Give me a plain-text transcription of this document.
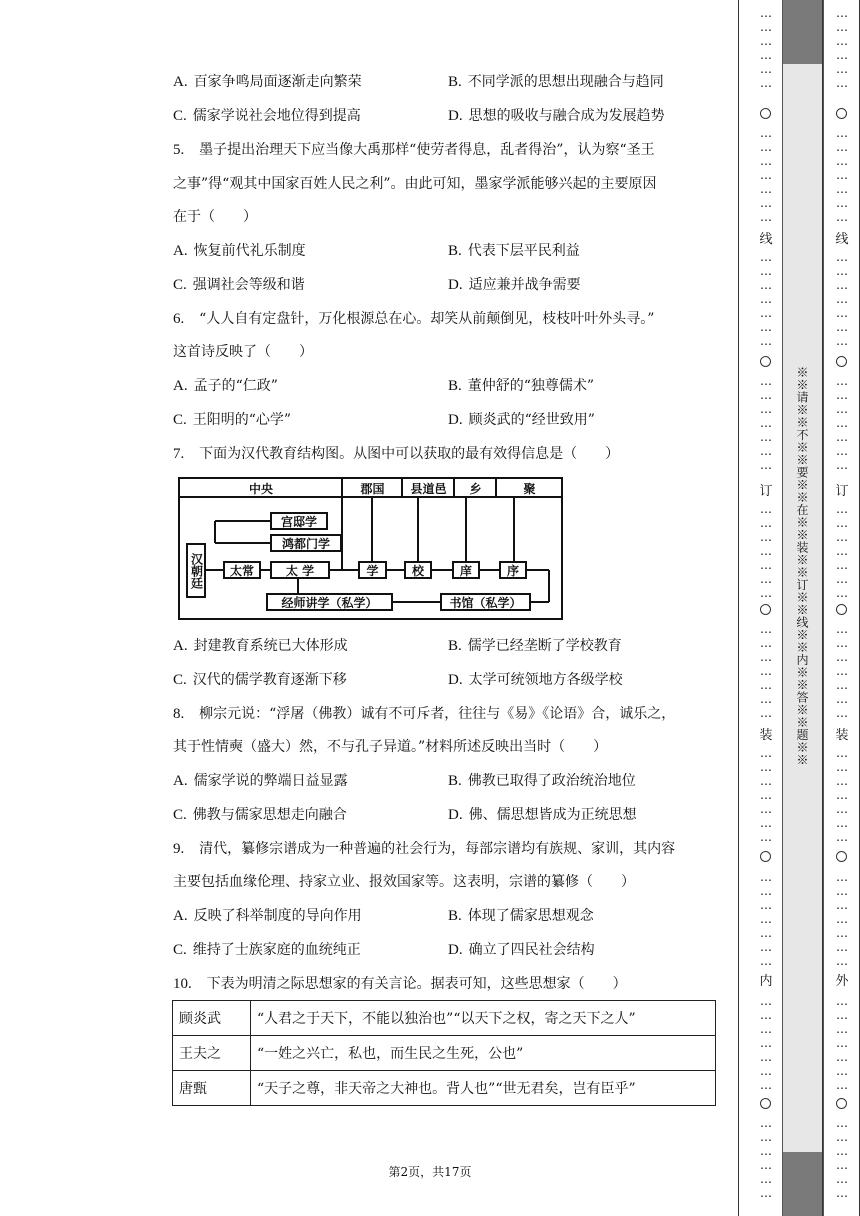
A. 百家争鸣局面逐渐走向繁荣	B. 不同学派的思想出现融合与趋同
C. 儒家学说社会地位得到提高	D. 思想的吸收与融合成为发展趋势
5. 墨子提出治理天下应当像大禹那样“使劳者得息，乱者得治”，认为察“圣王
之事”得“观其中国家百姓人民之利”。由此可知，墨家学派能够兴起的主要原因
在于（　　）
A. 恢复前代礼乐制度	B. 代表下层平民利益
C. 强调社会等级和谐	D. 适应兼并战争需要
6. “人人自有定盘针，万化根源总在心。却笑从前颠倒见，枝枝叶叶外头寻。”
这首诗反映了（　　）
A. 孟子的“仁政”	B. 董仲舒的“独尊儒术”
C. 王阳明的“心学”	D. 顾炎武的“经世致用”
7. 下面为汉代教育结构图。从图中可以获取的最有效得信息是（　　）
中央	郡国	县道邑	乡	聚
汉朝廷	太常
宫邸学
鸿都门学
太 学	学	校	庠	序
经师讲学（私学）	书馆（私学）
A. 封建教育系统已大体形成	B. 儒学已经垄断了学校教育
C. 汉代的儒学教育逐渐下移	D. 太学可统领地方各级学校
8. 柳宗元说：“浮屠（佛教）诚有不可斥者，往往与《易》《论语》合，诚乐之，
其于性情奭（盛大）然，不与孔子异道。”材料所述反映出当时（　　）
A. 儒家学说的弊端日益显露	B. 佛教已取得了政治统治地位
C. 佛教与儒家思想走向融合	D. 佛、儒思想皆成为正统思想
9. 清代，纂修宗谱成为一种普遍的社会行为，每部宗谱均有族规、家训，其内容
主要包括血缘伦理、持家立业、报效国家等。这表明，宗谱的纂修（　　）
A. 反映了科举制度的导向作用	B. 体现了儒家思想观念
C. 维持了士族家庭的血统纯正	D. 确立了四民社会结构
10. 下表为明清之际思想家的有关言论。据表可知，这些思想家（　　）
顾炎武	“人君之于天下，不能以独治也”“以天下之权，寄之天下之人”
王夫之	“一姓之兴亡，私也，而生民之生死，公也”
唐甄	“天子之尊，非天帝之大神也。背人也”“世无君矣，岂有臣乎”
第2页，共17页
…
…
…
…
…
…
…
…
…
…
…
…
…
线
…
…
…
…
…
…
…
…
…
…
…
…
…
…
订
…
…
…
…
…
…
…
…
…
…
…
…
…
…
装
…
…
…
…
…
…
…
…
…
…
…
…
…
…
内
…
…
…
…
…
…
…
…
…
…
…
…
…
※※请※※不※※要※※在※※装※※订※※线※※内※※答※※题※※
…
…
…
…
…
…
…
…
…
…
…
…
…
线
…
…
…
…
…
…
…
…
…
…
…
…
…
…
订
…
…
…
…
…
…
…
…
…
…
…
…
…
…
装
…
…
…
…
…
…
…
…
…
…
…
…
…
…
外
…
…
…
…
…
…
…
…
…
…
…
…
…
